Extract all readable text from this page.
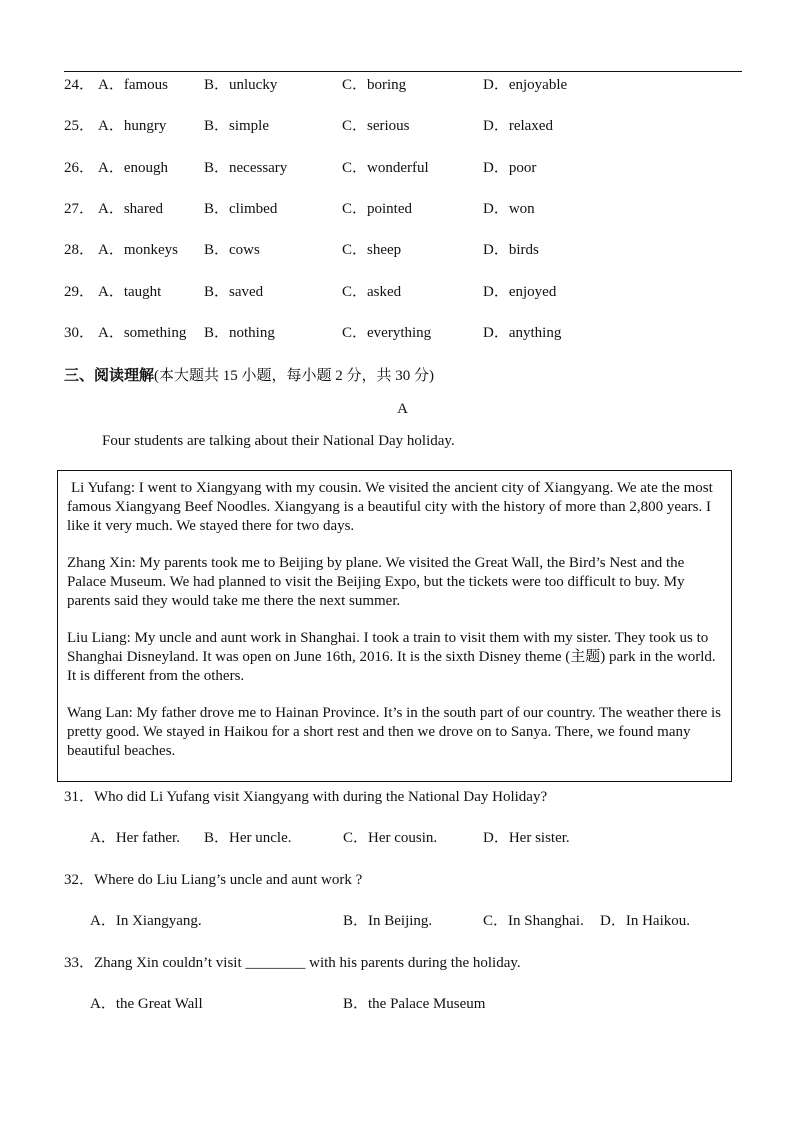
24． A．famous B．unlucky	C．boring	D．enjoyable
25． A．hungry	B．simple	C．serious	D．relaxed
26． A．enough B．necessary	C．wonderful	D．poor
27． A．shared	B．climbed	C．pointed	D．won
28． A．monkeys B．cows	C．sheep	D．birds
29． A．taught	B．saved	C．asked	D．enjoyed
30． A．something B．nothing	C．everything	D．anything
三、阅读理解(本大题共 15 小题，每小题 2 分，共 30 分)
A
Four students are talking about their National Day holiday.

Li Yufang: I went to Xiangyang with my cousin. We visited the ancient city of Xiangyang. We ate the most famous Xiangyang Beef Noodles. Xiangyang is a beautiful city with the history of more than 2,800 years. I like it very much. We stayed there for two days.

Zhang Xin: My parents took me to Beijing by plane. We visited the Great Wall, the Bird’s Nest and the Palace Museum. We had planned to visit the Beijing Expo, but the tickets were too difficult to buy. My parents said they would take me there the next summer.

Liu Liang: My uncle and aunt work in Shanghai. I took a train to visit them with my sister. They took us to Shanghai Disneyland. It was open on June 16th, 2016. It is the sixth Disney theme (主题) park in the world. It is different from the others.

Wang Lan: My father drove me to Hainan Province. It’s in the south part of our country. The weather there is pretty good. We stayed in Haikou for a short rest and then we drove on to Sanya. There, we found many beautiful beaches.

31．Who did Li Yufang visit Xiangyang with during the National Day Holiday?
A．Her father. B．Her uncle.	C．Her cousin.	D．Her sister.
32．Where do Liu Liang’s uncle and aunt work ?
A．In Xiangyang.	B．In Beijing.	C．In Shanghai. D．In Haikou.
33．Zhang Xin couldn’t visit ________ with his parents during the holiday.
A．the Great Wall	B．the Palace Museum
